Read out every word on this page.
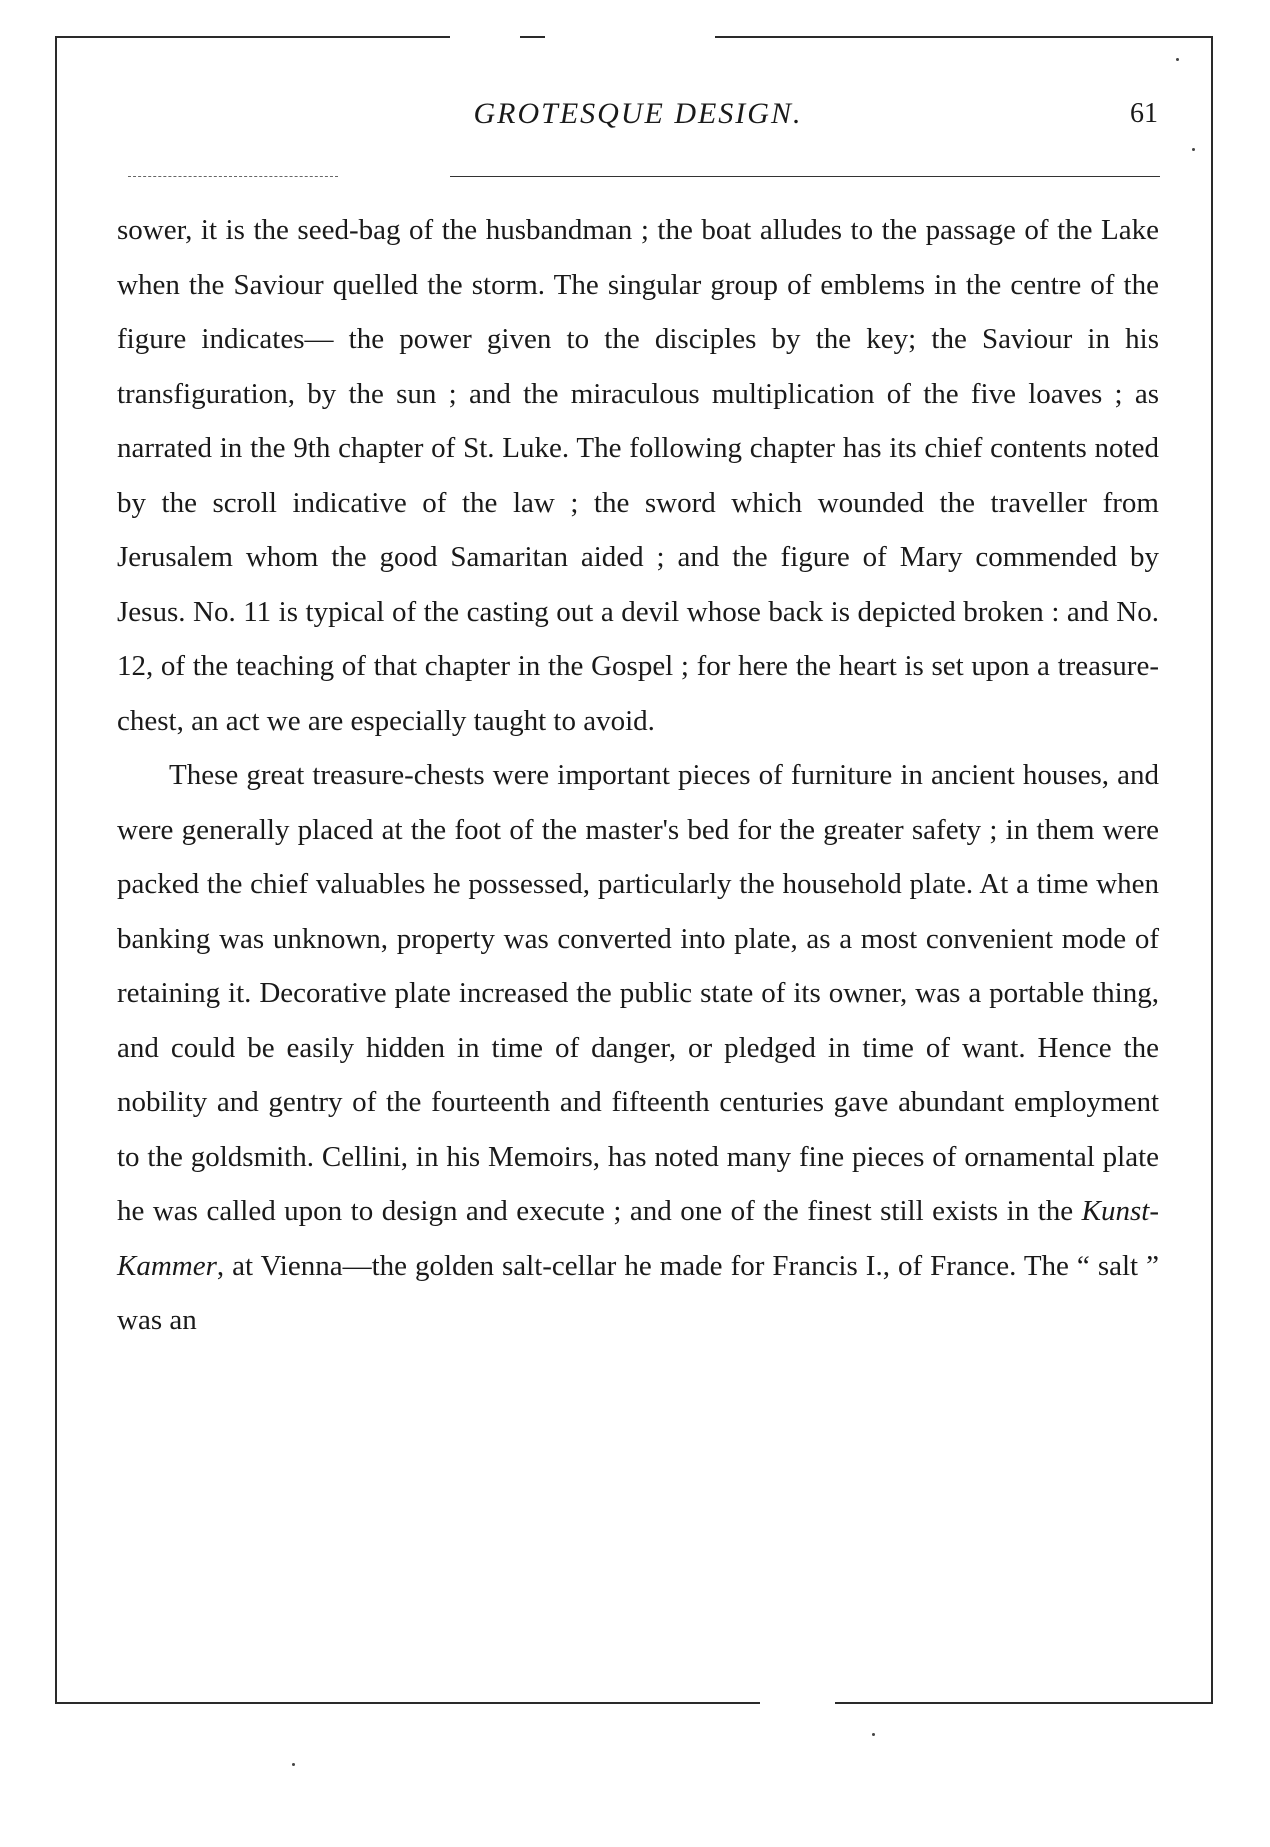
GROTESQUE DESIGN.	61

sower, it is the seed-bag of the husbandman ; the boat alludes to the passage of the Lake when the Saviour quelled the storm. The singular group of emblems in the centre of the figure indicates— the power given to the disciples by the key; the Saviour in his transfiguration, by the sun ; and the miraculous multiplication of the five loaves ; as narrated in the 9th chapter of St. Luke. The following chapter has its chief contents noted by the scroll indicative of the law ; the sword which wounded the traveller from Jerusalem whom the good Samaritan aided ; and the figure of Mary commended by Jesus. No. 11 is typical of the casting out a devil whose back is depicted broken : and No. 12, of the teaching of that chapter in the Gospel ; for here the heart is set upon a treasure-chest, an act we are especially taught to avoid.

These great treasure-chests were important pieces of furniture in ancient houses, and were generally placed at the foot of the master's bed for the greater safety ; in them were packed the chief valuables he possessed, particularly the household plate. At a time when banking was unknown, property was converted into plate, as a most convenient mode of retaining it. Decorative plate increased the public state of its owner, was a portable thing, and could be easily hidden in time of danger, or pledged in time of want. Hence the nobility and gentry of the fourteenth and fifteenth centuries gave abundant employment to the goldsmith. Cellini, in his Memoirs, has noted many fine pieces of ornamental plate he was called upon to design and execute ; and one of the finest still exists in the Kunst-Kammer, at Vienna—the golden salt-cellar he made for Francis I., of France. The “ salt ” was an
